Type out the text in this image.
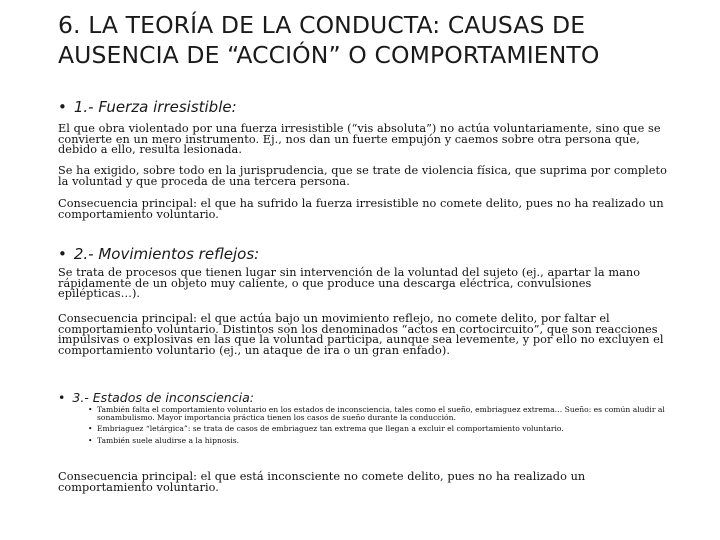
6. LA TEORÍA DE LA CONDUCTA: CAUSAS DE AUSENCIA DE “ACCIÓN” O COMPORTAMIENTO
• 1.- Fuerza irresistible:

El que obra violentado por una fuerza irresistible (“vis absoluta”) no actúa voluntariamente, sino que se convierte en un mero instrumento. Ej., nos dan un fuerte empujón y caemos sobre otra persona que, debido a ello, resulta lesionada.

Se ha exigido, sobre todo en la jurisprudencia, que se trate de violencia física, que suprima por completo la voluntad y que proceda de una tercera persona.

Consecuencia principal: el que ha sufrido la fuerza irresistible no comete delito, pues no ha realizado un comportamiento voluntario.

• 2.- Movimientos reflejos:

Se trata de procesos que tienen lugar sin intervención de la voluntad del sujeto (ej., apartar la mano rápidamente de un objeto muy caliente, o que produce una descarga eléctrica, convulsiones epilépticas…).

Consecuencia principal: el que actúa bajo un movimiento reflejo, no comete delito, por faltar el comportamiento voluntario. Distintos son los denominados “actos en cortocircuito”, que son reacciones impulsivas o explosivas en las que la voluntad participa, aunque sea levemente, y por ello no excluyen el comportamiento voluntario (ej., un ataque de ira o un gran enfado).

• 3.- Estados de inconsciencia:
• También falta el comportamiento voluntario en los estados de inconsciencia, tales como el sueño, embriaguez extrema… Sueño: es común aludir al sonambulismo. Mayor importancia práctica tienen los casos de sueño durante la conducción.
• Embriaguez “letárgica”: se trata de casos de embriaguez tan extrema que llegan a excluir el comportamiento voluntario.
• También suele aludirse a la hipnosis.

Consecuencia principal: el que está inconsciente no comete delito, pues no ha realizado un comportamiento voluntario.
